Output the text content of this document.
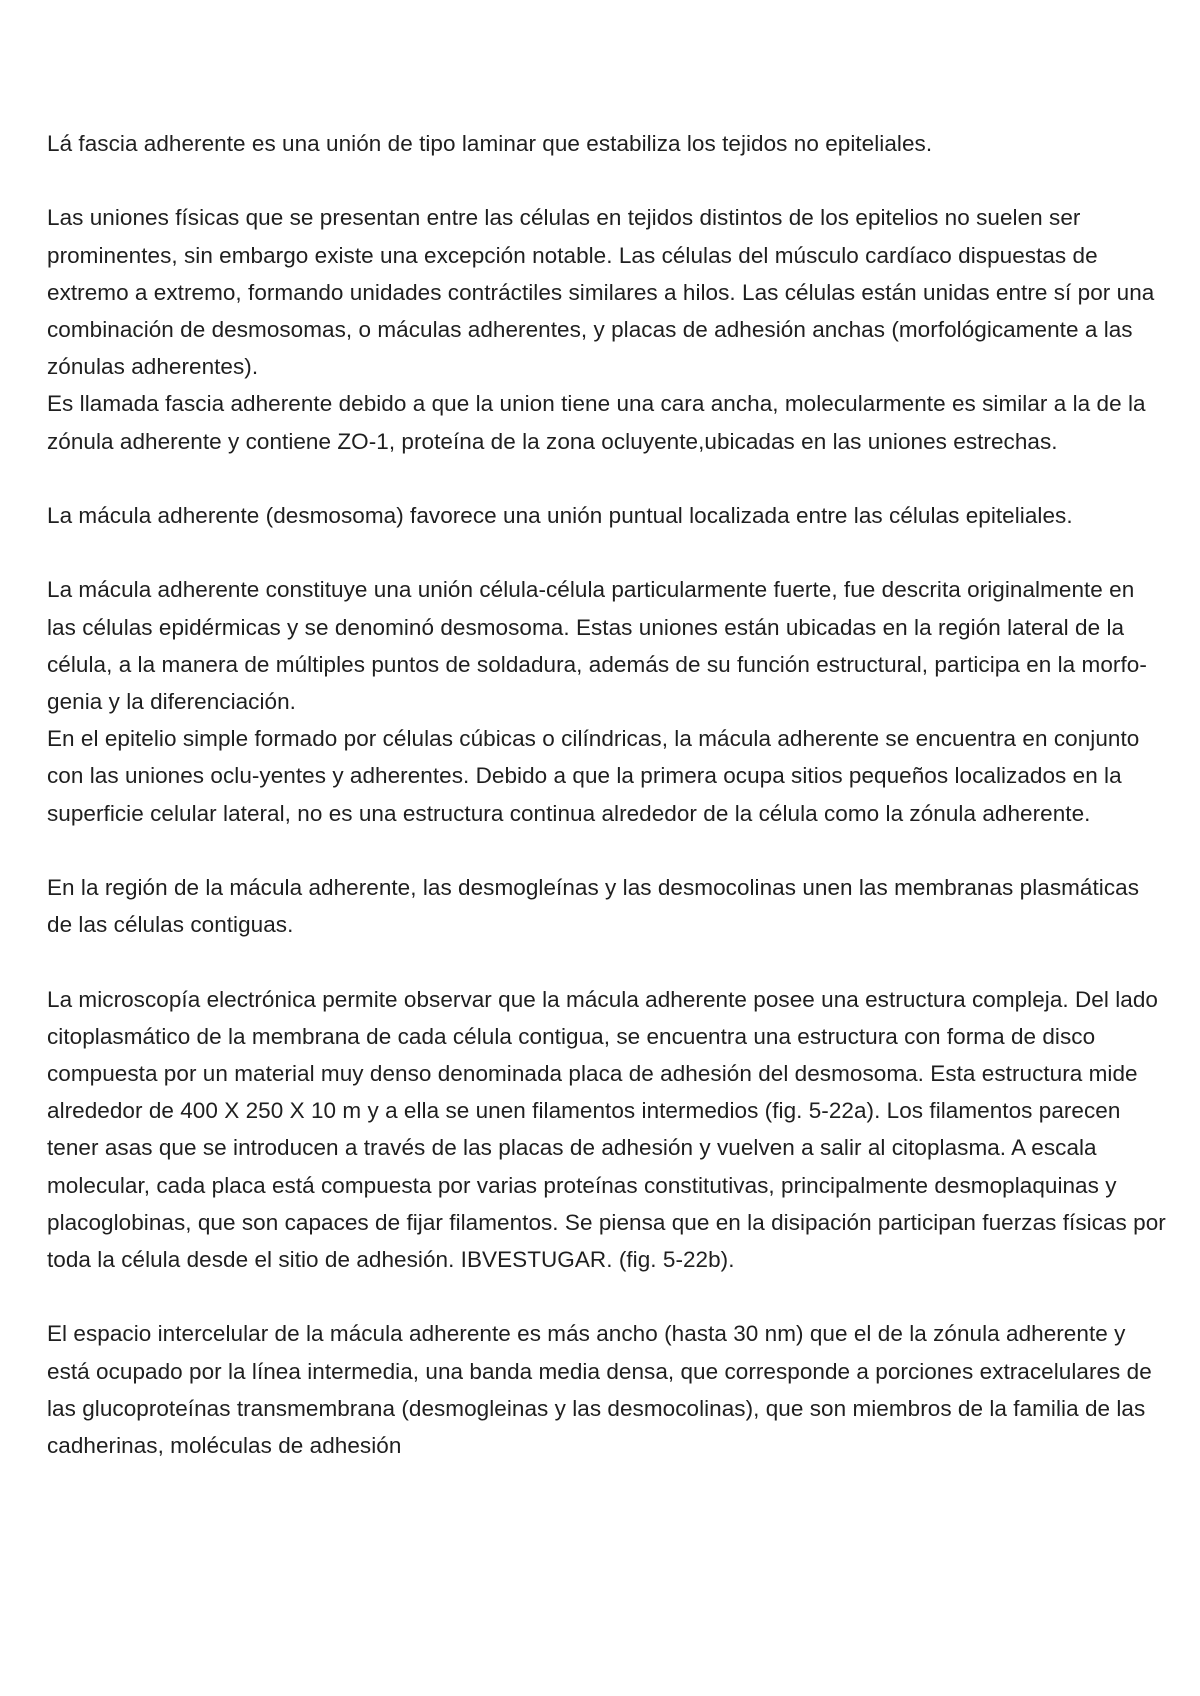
Lá fascia adherente es una unión de tipo laminar que estabiliza los tejidos no epiteliales.

Las uniones físicas que se presentan entre las células en tejidos distintos de los epitelios no suelen ser prominentes, sin embargo existe una excepción notable. Las células del músculo cardíaco dispuestas de extremo a extremo, formando unidades contráctiles similares a hilos. Las células están unidas entre sí por una combinación de desmosomas, o máculas adherentes, y placas de adhesión anchas (morfológicamente a las zónulas adherentes).

Es llamada fascia adherente debido a que la union tiene una cara ancha, molecularmente es similar a la de la zónula adherente y contiene ZO-1, proteína de la zona ocluyente,ubicadas en las uniones estrechas.

La mácula adherente (desmosoma) favorece una unión puntual localizada entre las células epiteliales.

La mácula adherente constituye una unión célula-célula particularmente fuerte, fue descrita originalmente en las células epidérmicas y se denominó desmosoma. Estas uniones están ubicadas en la región lateral de la célula, a la manera de múltiples puntos de soldadura, además de su función estructural, participa en la morfo-genia y la diferenciación.

En el epitelio simple formado por células cúbicas o cilíndricas, la mácula adherente se encuentra en conjunto con las uniones oclu-yentes y adherentes. Debido a que la primera ocupa sitios pequeños localizados en la superficie celular lateral, no es una estructura continua alrededor de la célula como la zónula adherente.

En la región de la mácula adherente, las desmogleínas y las desmocolinas unen las membranas plasmáticas de las células contiguas.

La microscopía electrónica permite observar que la mácula adherente posee una estructura compleja. Del lado citoplasmático de la membrana de cada célula contigua, se encuentra una estructura con forma de disco compuesta por un material muy denso denominada placa de adhesión del desmosoma. Esta estructura mide alrededor de 400 X 250 X 10 m y a ella se unen filamentos intermedios (fig. 5-22a). Los filamentos parecen tener asas que se introducen a través de las placas de adhesión y vuelven a salir al citoplasma. A escala molecular, cada placa está compuesta por varias proteínas constitutivas, principalmente desmoplaquinas y placoglobinas, que son capaces de fijar filamentos. Se piensa que en la disipación participan fuerzas físicas por toda la célula desde el sitio de adhesión. IBVESTUGAR. (fig. 5-22b).

El espacio intercelular de la mácula adherente es más ancho (hasta 30 nm) que el de la zónula adherente y está ocupado por la línea intermedia, una banda media densa, que corresponde a porciones extracelulares de las glucoproteínas transmembrana (desmogleinas y las desmocolinas), que son miembros de la familia de las cadherinas, moléculas de adhesión
